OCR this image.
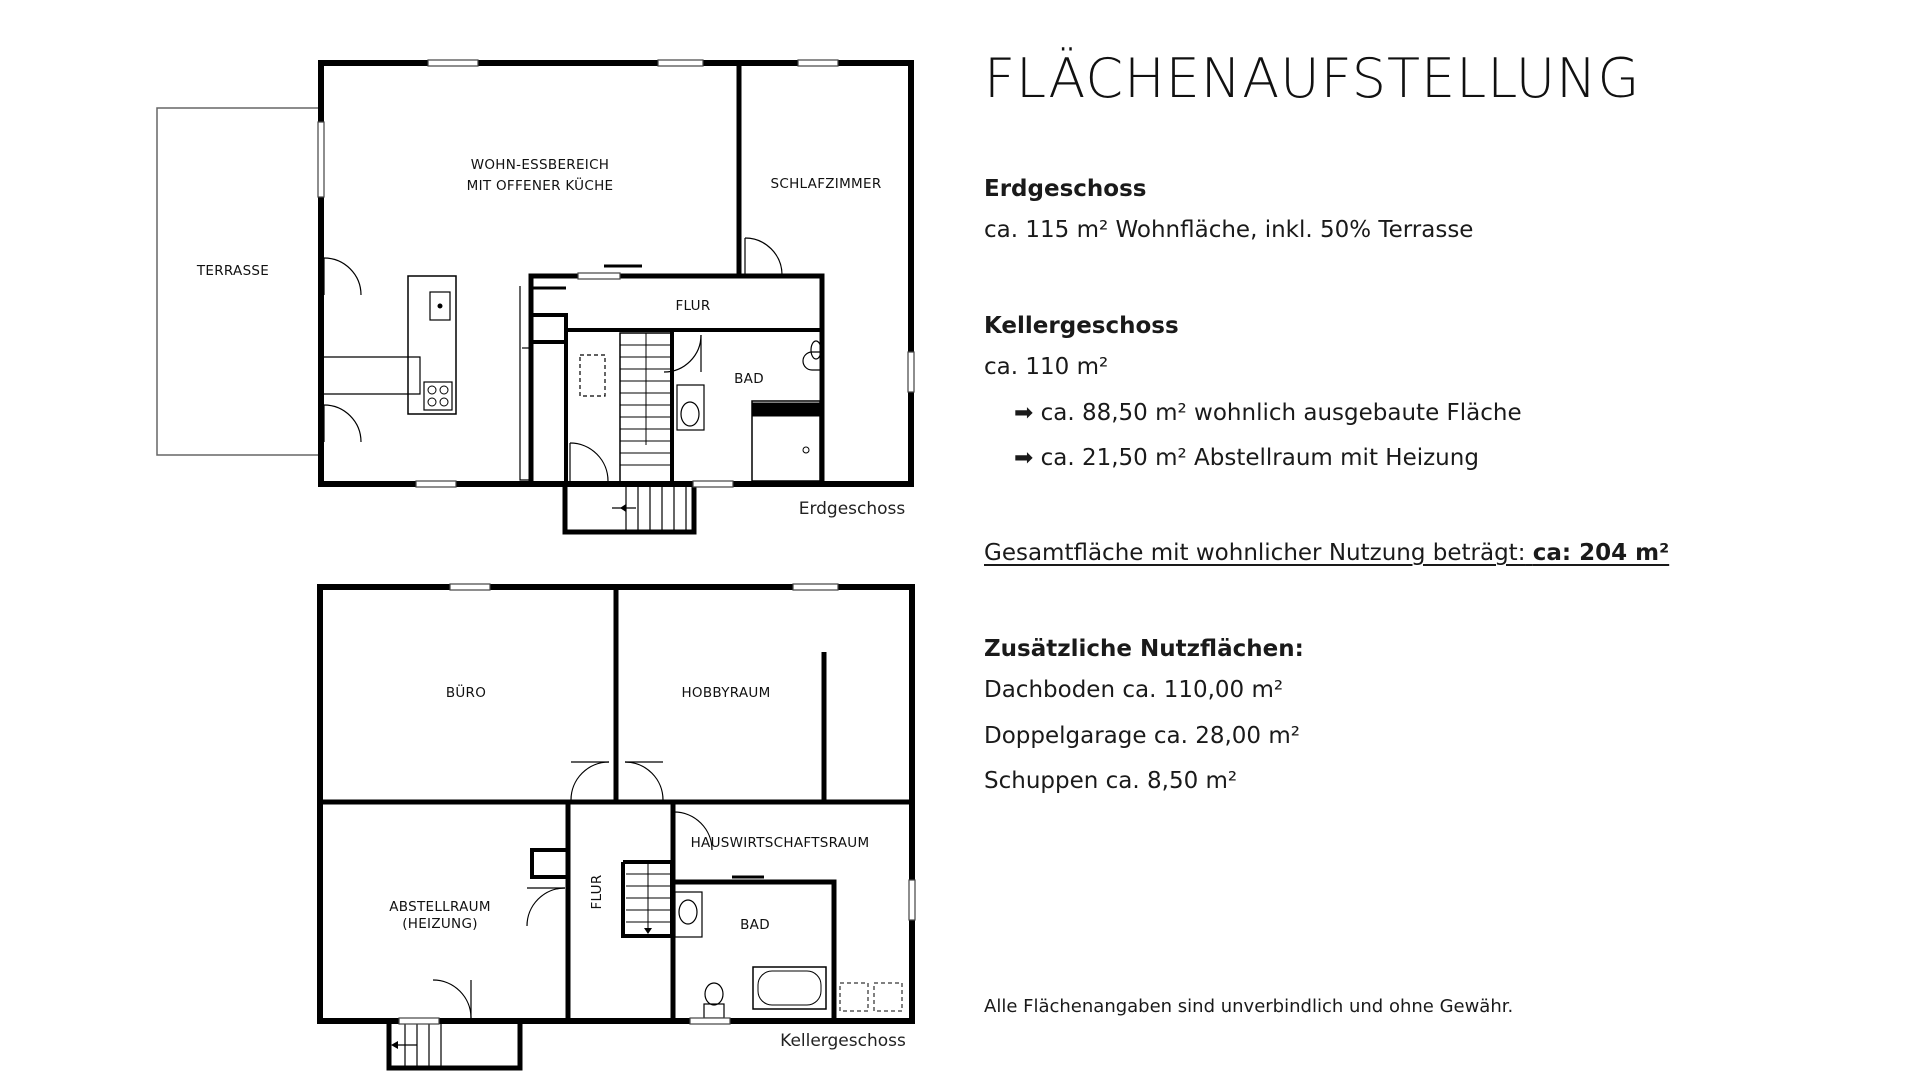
TERRASSE
WOHN-ESSBEREICH
MIT OFFENER KÜCHE	SCHLAFZIMMER
FLUR
BAD
Erdgeschoss
BÜRO	HOBBYRAUM
ABSTELLRAUM
(HEIZUNG)
FLUR
HAUSWIRTSCHAFTSRAUM
BAD
Kellergeschoss
FLÄCHENAUFSTELLUNG
Erdgeschoss
ca. 115 m² Wohnfläche, inkl. 50% Terrasse
Kellergeschoss
ca. 110 m²
➡ ca. 88,50 m² wohnlich ausgebaute Fläche
➡ ca. 21,50 m² Abstellraum mit Heizung
Gesamtfläche mit wohnlicher Nutzung beträgt: ca: 204 m²
Zusätzliche Nutzflächen:
Dachboden ca. 110,00 m²
Doppelgarage ca. 28,00 m²
Schuppen ca. 8,50 m²
Alle Flächenangaben sind unverbindlich und ohne Gewähr.
